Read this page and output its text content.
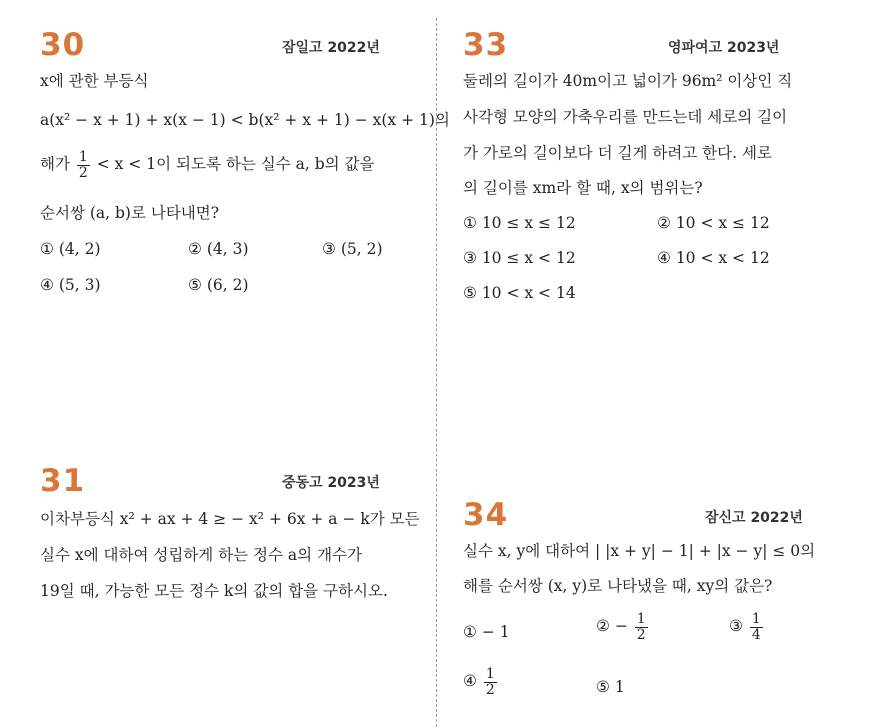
30	잠일고 2022년
x에 관한 부등식
a(x² − x + 1) + x(x − 1) < b(x² + x + 1) − x(x + 1)의
해가 $\frac{1}{2} < x < 1$이 되도록 하는 실수 a, b의 값을
순서쌍 (a, b)로 나타내면?
① (4, 2)	② (4, 3)	③ (5, 2)
④ (5, 3)	⑤ (6, 2)
31	중동고 2023년
이차부등식 x² + ax + 4 ≥ − x² + 6x + a − k가 모든
실수 x에 대하여 성립하게 하는 정수 a의 개수가
19일 때, 가능한 모든 정수 k의 값의 합을 구하시오.
33	영파여고 2023년
둘레의 길이가 40m이고 넓이가 96m² 이상인 직
사각형 모양의 가축우리를 만드는데 세로의 길이
가 가로의 길이보다 더 길게 하려고 한다. 세로
의 길이를 xm라 할 때, x의 범위는?
① 10 ≤ x ≤ 12	② 10 < x ≤ 12
③ 10 ≤ x < 12	④ 10 < x < 12
⑤ 10 < x < 14
34	잠신고 2022년
실수 x, y에 대하여 | |x + y| − 1| + |x − y| ≤ 0의
해를 순서쌍 (x, y)로 나타냈을 때, xy의 값은?
① − 1	② − $\frac{1}{2}$	③ $\frac{1}{4}$
④ $\frac{1}{2}$	⑤ 1
